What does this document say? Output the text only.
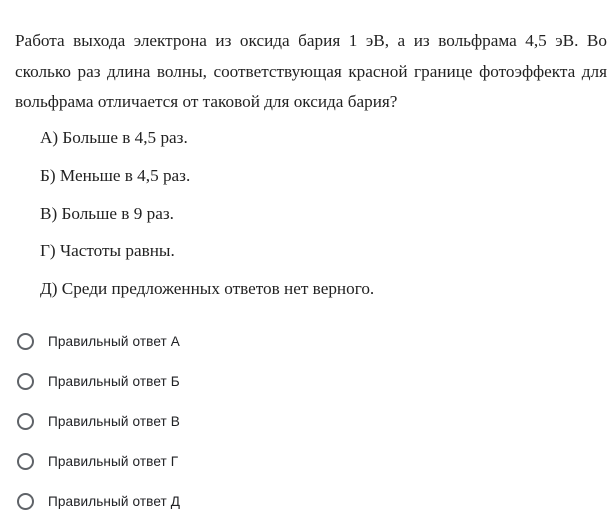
Работа выхода электрона из оксида бария 1 эВ, а из вольфрама 4,5 эВ. Во сколько раз длина волны, соответствующая красной границе фотоэффекта для вольфрама отличается от таковой для оксида бария?

А) Больше в 4,5 раз.
Б) Меньше в 4,5 раз.
В) Больше в 9 раз.
Г) Частоты равны.
Д) Среди предложенных ответов нет верного.
Правильный ответ А
Правильный ответ Б
Правильный ответ В
Правильный ответ Г
Правильный ответ Д
